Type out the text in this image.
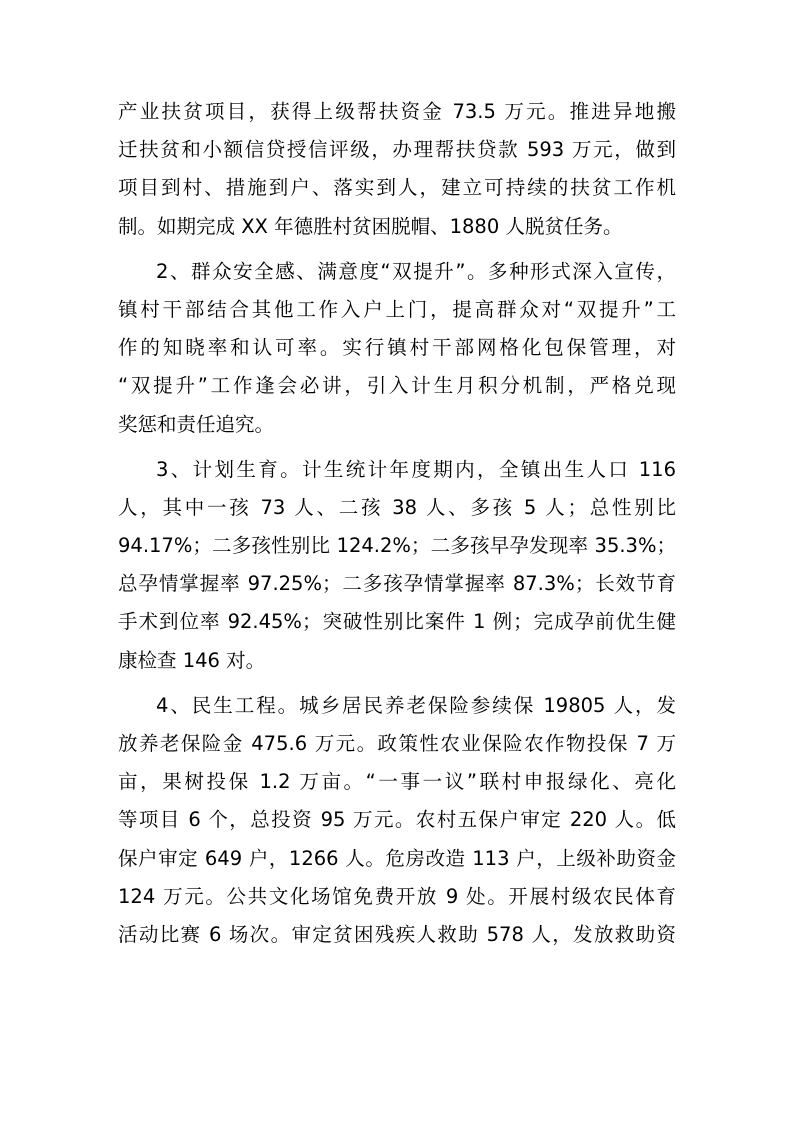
产业扶贫项目，获得上级帮扶资金 73.5 万元。推进异地搬
迁扶贫和小额信贷授信评级，办理帮扶贷款 593 万元，做到
项目到村、措施到户、落实到人，建立可持续的扶贫工作机
制。如期完成 XX 年德胜村贫困脱帽、1880 人脱贫任务。
2、群众安全感、满意度“双提升”。多种形式深入宣传，
镇村干部结合其他工作入户上门，提高群众对“双提升”工
作的知晓率和认可率。实行镇村干部网格化包保管理，对
“双提升”工作逢会必讲，引入计生月积分机制，严格兑现
奖惩和责任追究。
3、计划生育。计生统计年度期内，全镇出生人口 116
人，其中一孩 73 人、二孩 38 人、多孩 5 人；总性别比
94.17%；二多孩性别比 124.2%；二多孩早孕发现率 35.3%；
总孕情掌握率 97.25%；二多孩孕情掌握率 87.3%；长效节育
手术到位率 92.45%；突破性别比案件 1 例；完成孕前优生健
康检查 146 对。
4、民生工程。城乡居民养老保险参续保 19805 人，发
放养老保险金 475.6 万元。政策性农业保险农作物投保 7 万
亩，果树投保 1.2 万亩。“一事一议”联村申报绿化、亮化
等项目 6 个，总投资 95 万元。农村五保户审定 220 人。低
保户审定 649 户，1266 人。危房改造 113 户，上级补助资金
124 万元。公共文化场馆免费开放 9 处。开展村级农民体育
活动比赛 6 场次。审定贫困残疾人救助 578 人，发放救助资
